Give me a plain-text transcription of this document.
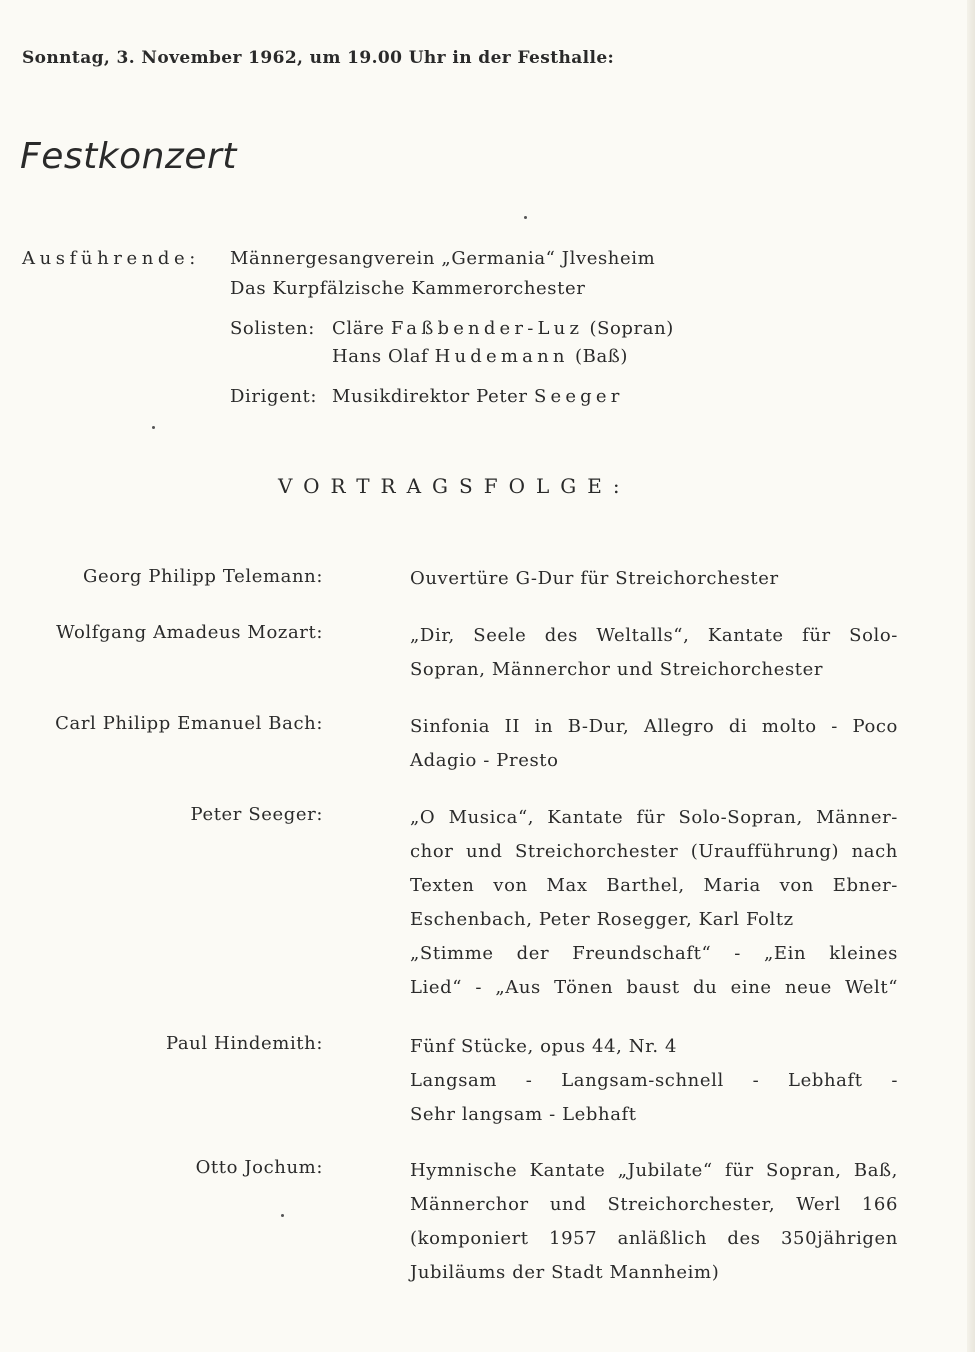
Sonntag, 3. November 1962, um 19.00 Uhr in der Festhalle:
Festkonzert
Ausführende: Männergesangverein „Germania“ Jlvesheim
Das Kurpfälzische Kammerorchester
Solisten: Cläre Faßbender-Luz (Sopran)
Hans Olaf Hudemann (Baß)
Dirigent: Musikdirektor Peter Seeger
VORTRAGSFOLGE:
Georg Philipp Telemann:	Ouvertüre G-Dur für Streichorchester
Wolfgang Amadeus Mozart:	„Dir, Seele des Weltalls“, Kantate für Solo-
Sopran, Männerchor und Streichorchester
Carl Philipp Emanuel Bach:	Sinfonia II in B-Dur, Allegro di molto - Poco
Adagio - Presto
Peter Seeger:	„O Musica“, Kantate für Solo-Sopran, Männer-
chor und Streichorchester (Uraufführung) nach
Texten von Max Barthel, Maria von Ebner-
Eschenbach, Peter Rosegger, Karl Foltz
„Stimme der Freundschaft“ - „Ein kleines
Lied“ - „Aus Tönen baust du eine neue Welt“
Paul Hindemith:	Fünf Stücke, opus 44, Nr. 4
Langsam - Langsam-schnell - Lebhaft -
Sehr langsam - Lebhaft
Otto Jochum:	Hymnische Kantate „Jubilate“ für Sopran, Baß,
Männerchor und Streichorchester, Werl 166
(komponiert 1957 anläßlich des 350jährigen
Jubiläums der Stadt Mannheim)
